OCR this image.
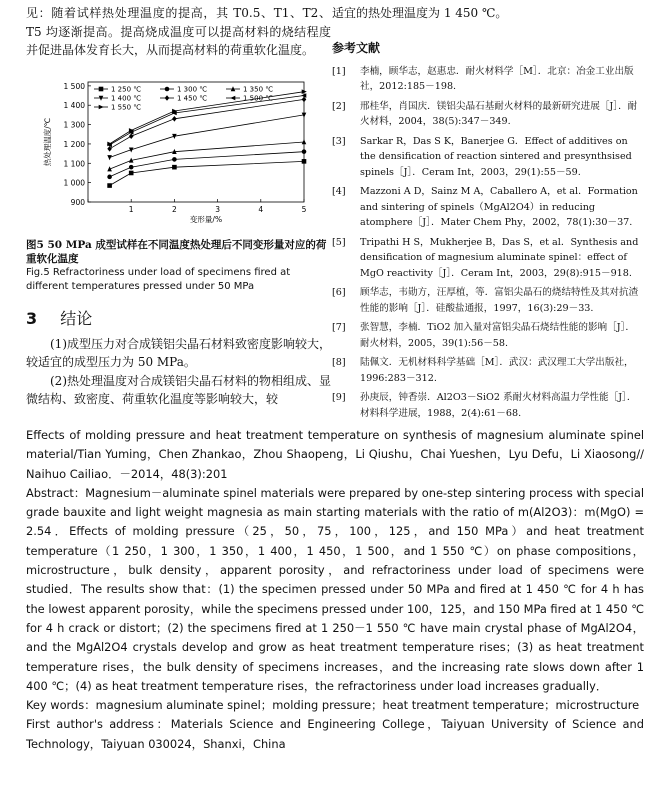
见：随着试样热处理温度的提高，其 T0.5、T1、T2、T5 均逐渐提高。提高烧成温度可以提高材料的烧结程度并促进晶体发育长大，从而提高材料的荷重软化温度。

900
1 000
1 100
1 200
1 300
1 400
1 500
1	2	3	4	5
变形量/%
热处理温度/℃
1 250 ℃	1 300 ℃	1 350 ℃
1 400 ℃	1 450 ℃	1 500 ℃
1 550 ℃
图5 50 MPa 成型试样在不同温度热处理后不同变形量对应的荷重软化温度
Fig.5 Refractoriness under load of specimens fired at different temperatures pressed under 50 MPa
3 结论

(1)成型压力对合成镁铝尖晶石材料致密度影响较大，较适宜的成型压力为 50 MPa。

(2)热处理温度对合成镁铝尖晶石材料的物相组成、显微结构、致密度、荷重软化温度等影响较大，较

适宜的热处理温度为 1 450 ℃。

参考文献
[1]	李楠，顾华志，赵惠忠．耐火材料学［M］．北京：冶金工业出版社，2012:185－198.
[2]	邢桂华，肖国庆．镁铝尖晶石基耐火材料的最新研究进展［J］．耐火材料，2004，38(5):347－349.
[3]	Sarkar R，Das S K，Banerjee G．Effect of additives on the densification of reaction sintered and presynthsised spinels［J］．Ceram Int，2003，29(1):55－59.
[4]	Mazzoni A D，Sainz M A，Caballero A，et al．Formation and sintering of spinels（MgAl2O4）in reducing atomphere［J］．Mater Chem Phy，2002，78(1):30－37.
[5]	Tripathi H S，Mukherjee B，Das S，et al．Synthesis and densification of magnesium aluminate spinel：effect of MgO reactivity［J］．Ceram Int，2003，29(8):915－918.
[6]	顾华志，韦勋方，汪厚植，等．富铝尖晶石的烧结特性及其对抗渣性能的影响［J］．硅酸盐通报，1997，16(3):29－33.
[7]	张智慧，李楠．TiO2 加入量对富铝尖晶石烧结性能的影响［J］．耐火材料，2005，39(1):56－58.
[8]	陆佩文．无机材料科学基础［M］．武汉：武汉理工大学出版社，1996:283－312.
[9]	孙庚辰，钟香崇．Al2O3－SiO2 系耐火材料高温力学性能［J］．材料科学进展，1988，2(4):61－68.

Effects of molding pressure and heat treatment temperature on synthesis of magnesium aluminate spinel material/Tian Yuming，Chen Zhankao，Zhou Shaopeng，Li Qiushu，Chai Yueshen，Lyu Defu，Li Xiaosong// Naihuo Cailiao．－2014，48(3):201

Abstract：Magnesium－aluminate spinel materials were prepared by one-step sintering process with special grade bauxite and light weight magnesia as main starting materials with the ratio of m(Al2O3)：m(MgO) = 2.54．Effects of molding pressure（25，50，75，100，125，and 150 MPa）and heat treatment temperature（1 250，1 300，1 350，1 400，1 450，1 500，and 1 550 ℃）on phase compositions，microstructure，bulk density，apparent porosity，and refractoriness under load of specimens were studied．The results show that：(1) the specimen pressed under 50 MPa and fired at 1 450 ℃ for 4 h has the lowest apparent porosity，while the specimens pressed under 100，125，and 150 MPa fired at 1 450 ℃ for 4 h crack or distort；(2) the specimens fired at 1 250－1 550 ℃ have main crystal phase of MgAl2O4，and the MgAl2O4 crystals develop and grow as heat treatment temperature rises；(3) as heat treatment temperature rises，the bulk density of specimens increases，and the increasing rate slows down after 1 400 ℃；(4) as heat treatment temperature rises，the refractoriness under load increases gradually．

Key words：magnesium aluminate spinel；molding pressure；heat treatment temperature；microstructure

First author's address：Materials Science and Engineering College，Taiyuan University of Science and Technology，Taiyuan 030024，Shanxi，China
